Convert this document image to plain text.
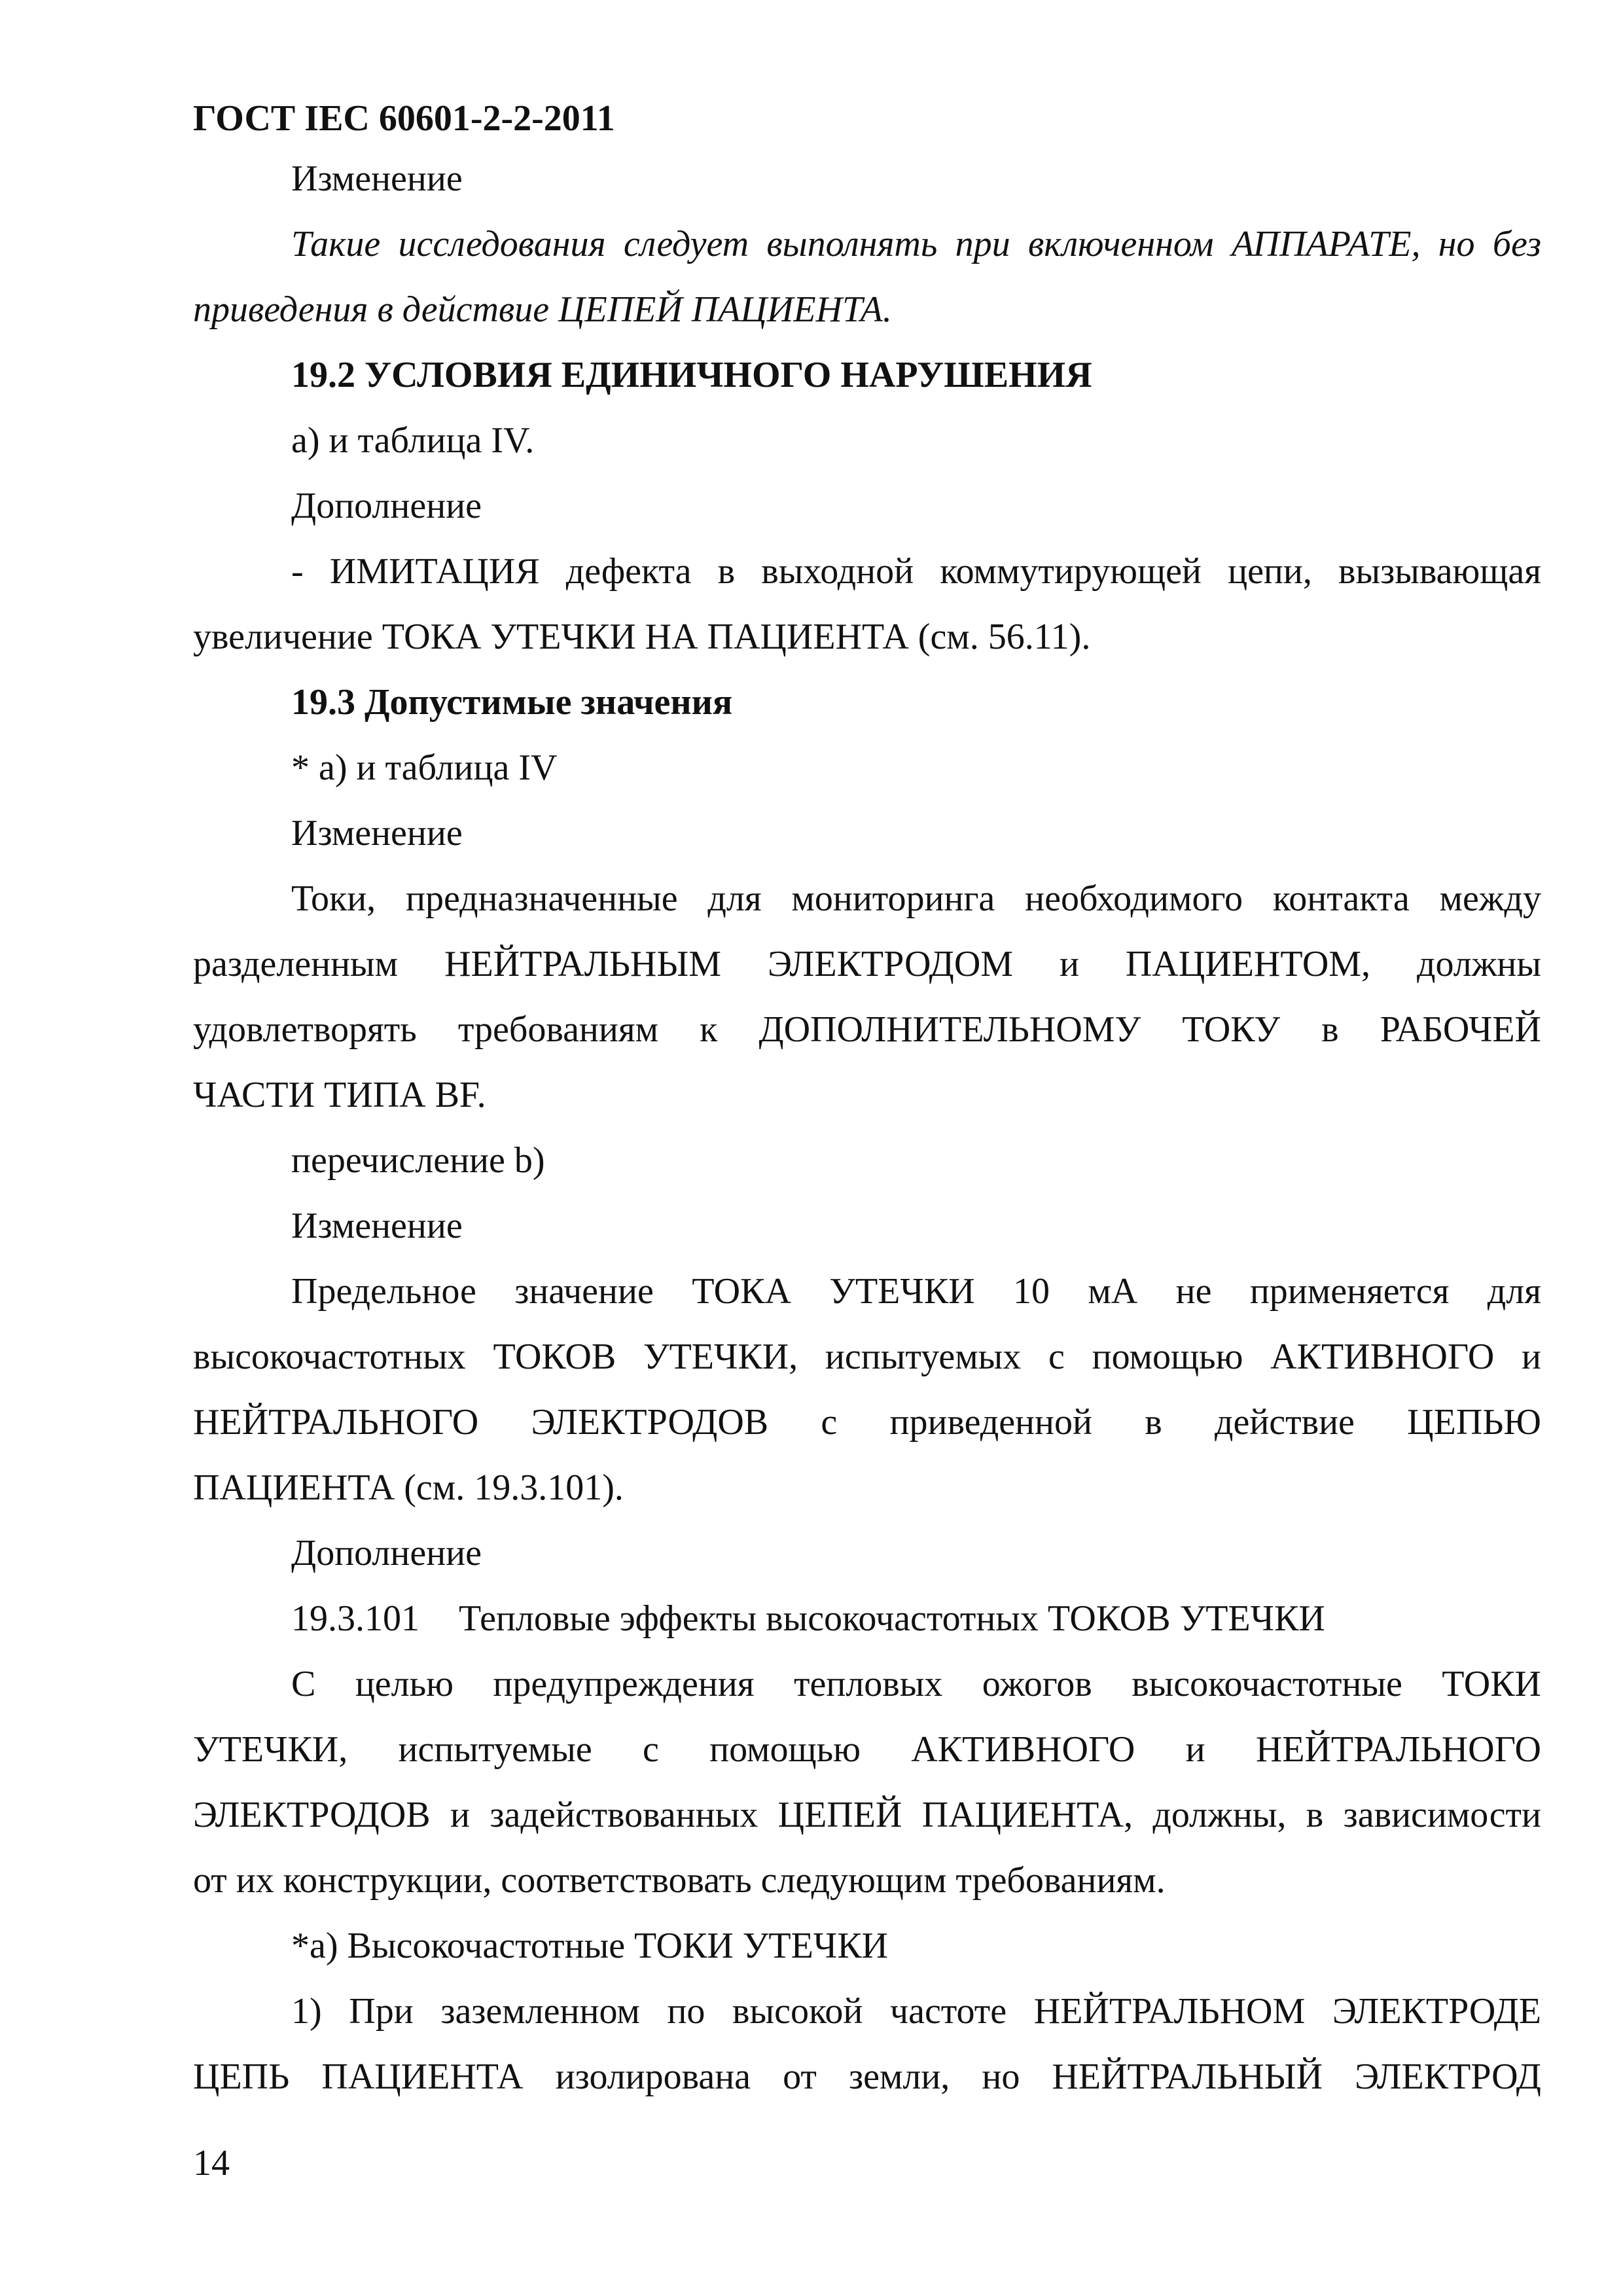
ГОСТ IEC 60601-2-2-2011
Изменение
Такие исследования следует выполнять при включенном АППАРАТЕ, но без
приведения в действие ЦЕПЕЙ ПАЦИЕНТА.
19.2 УСЛОВИЯ ЕДИНИЧНОГО НАРУШЕНИЯ
а) и таблица IV.
Дополнение
- ИМИТАЦИЯ дефекта в выходной коммутирующей цепи, вызывающая
увеличение ТОКА УТЕЧКИ НА ПАЦИЕНТА (см. 56.11).
19.3 Допустимые значения
* а) и таблица IV
Изменение
Токи, предназначенные для мониторинга необходимого контакта между
разделенным НЕЙТРАЛЬНЫМ ЭЛЕКТРОДОМ и ПАЦИЕНТОМ, должны
удовлетворять требованиям к ДОПОЛНИТЕЛЬНОМУ ТОКУ в РАБОЧЕЙ
ЧАСТИ ТИПА BF.
перечисление b)
Изменение
Предельное значение ТОКА УТЕЧКИ 10 мА не применяется для
высокочастотных ТОКОВ УТЕЧКИ, испытуемых с помощью АКТИВНОГО и
НЕЙТРАЛЬНОГО ЭЛЕКТРОДОВ с приведенной в действие ЦЕПЬЮ
ПАЦИЕНТА (см. 19.3.101).
Дополнение
19.3.101 Тепловые эффекты высокочастотных ТОКОВ УТЕЧКИ
С целью предупреждения тепловых ожогов высокочастотные ТОКИ
УТЕЧКИ, испытуемые с помощью АКТИВНОГО и НЕЙТРАЛЬНОГО
ЭЛЕКТРОДОВ и задействованных ЦЕПЕЙ ПАЦИЕНТА, должны, в зависимости
от их конструкции, соответствовать следующим требованиям.
*а) Высокочастотные ТОКИ УТЕЧКИ
1) При заземленном по высокой частоте НЕЙТРАЛЬНОМ ЭЛЕКТРОДЕ
ЦЕПЬ ПАЦИЕНТА изолирована от земли, но НЕЙТРАЛЬНЫЙ ЭЛЕКТРОД
14
